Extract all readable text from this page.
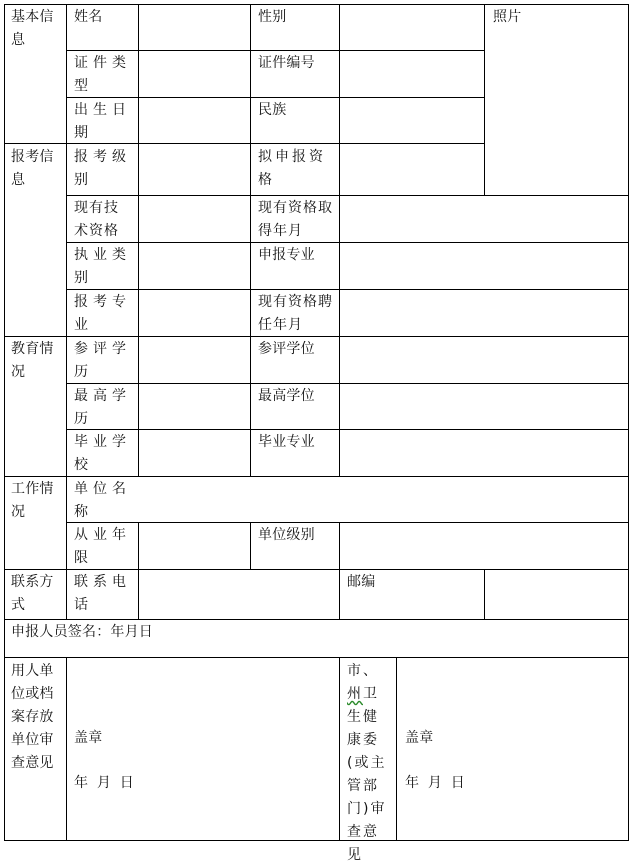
基本信息
姓名	性别	照片
证件类型
证件编号
出生日期
民族
报考信息
报考级别
拟申报资格
现有技术资格
现有资格取得年月
执业类别
申报专业
报考专业
现有资格聘任年月
教育情况
参评学历
参评学位
最高学历
最高学位
毕业学校
毕业专业
工作情况
单位名称
从业年限
单位级别
联系方式
联系电话
邮编
申报人员签名：年月日
用人单位或档案存放单位审查意见
盖章
年 月 日
市、州卫生健康委(或主管部门)审查意见
盖章
年 月 日
